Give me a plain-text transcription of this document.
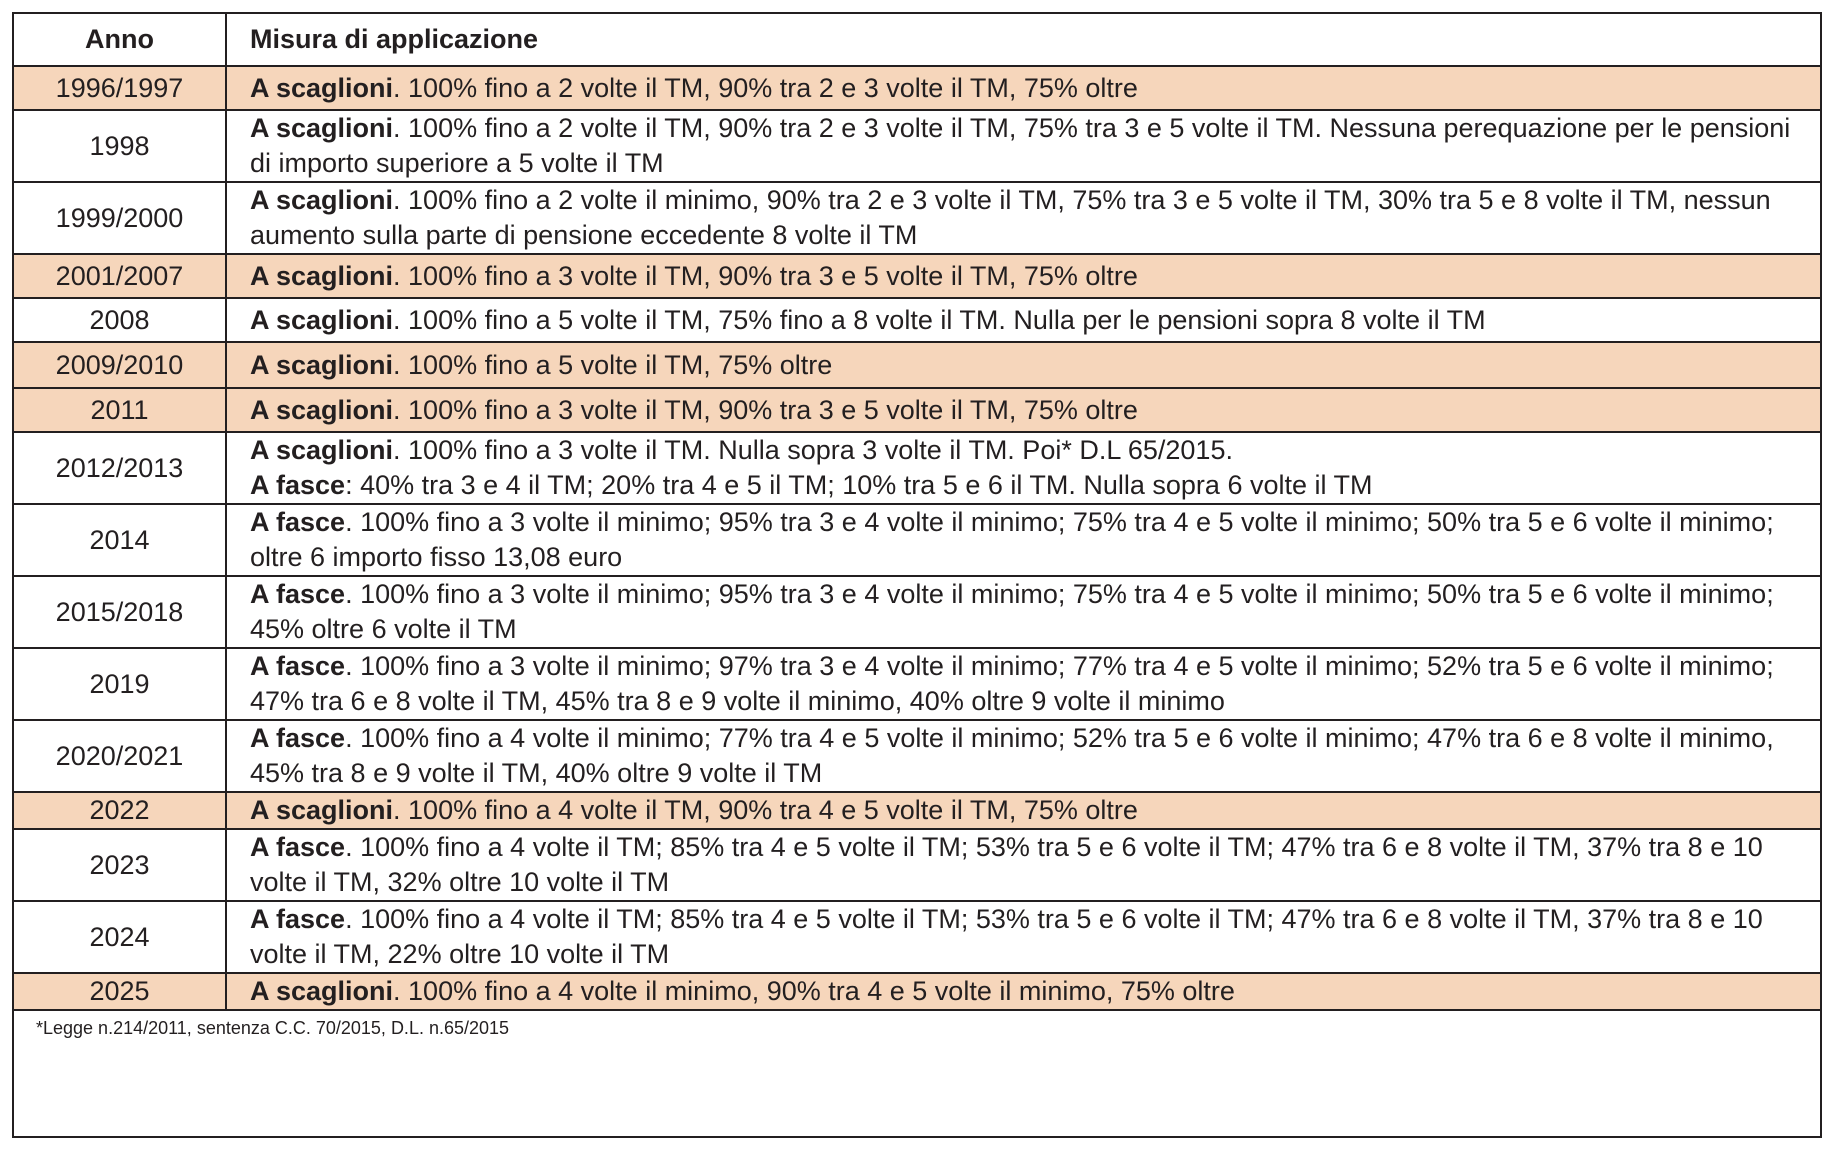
Anno	Misura di applicazione
1996/1997	A scaglioni. 100% fino a 2 volte il TM, 90% tra 2 e 3 volte il TM, 75% oltre

1998	A scaglioni. 100% fino a 2 volte il TM, 90% tra 2 e 3 volte il TM, 75% tra 3 e 5 volte il TM. Nessuna perequazione per le pensioni di importo superiore a 5 volte il TM

1999/2000	A scaglioni. 100% fino a 2 volte il minimo, 90% tra 2 e 3 volte il TM, 75% tra 3 e 5 volte il TM, 30% tra 5 e 8 volte il TM, nessun aumento sulla parte di pensione eccedente 8 volte il TM

2001/2007	A scaglioni. 100% fino a 3 volte il TM, 90% tra 3 e 5 volte il TM, 75% oltre

2008	A scaglioni. 100% fino a 5 volte il TM, 75% fino a 8 volte il TM. Nulla per le pensioni sopra 8 volte il TM

2009/2010	A scaglioni. 100% fino a 5 volte il TM, 75% oltre

2011	A scaglioni. 100% fino a 3 volte il TM, 90% tra 3 e 5 volte il TM, 75% oltre

2012/2013	A scaglioni. 100% fino a 3 volte il TM. Nulla sopra 3 volte il TM. Poi* D.L 65/2015.
A fasce: 40% tra 3 e 4 il TM; 20% tra 4 e 5 il TM; 10% tra 5 e 6 il TM. Nulla sopra 6 volte il TM

2014	A fasce. 100% fino a 3 volte il minimo; 95% tra 3 e 4 volte il minimo; 75% tra 4 e 5 volte il minimo; 50% tra 5 e 6 volte il minimo; oltre 6 importo fisso 13,08 euro

2015/2018	A fasce. 100% fino a 3 volte il minimo; 95% tra 3 e 4 volte il minimo; 75% tra 4 e 5 volte il minimo; 50% tra 5 e 6 volte il minimo; 45% oltre 6 volte il TM

2019	A fasce. 100% fino a 3 volte il minimo; 97% tra 3 e 4 volte il minimo; 77% tra 4 e 5 volte il minimo; 52% tra 5 e 6 volte il minimo; 47% tra 6 e 8 volte il TM, 45% tra 8 e 9 volte il minimo, 40% oltre 9 volte il minimo

2020/2021	A fasce. 100% fino a 4 volte il minimo; 77% tra 4 e 5 volte il minimo; 52% tra 5 e 6 volte il minimo; 47% tra 6 e 8 volte il minimo, 45% tra 8 e 9 volte il TM, 40% oltre 9 volte il TM

2022	A scaglioni. 100% fino a 4 volte il TM, 90% tra 4 e 5 volte il TM, 75% oltre

2023	A fasce. 100% fino a 4 volte il TM; 85% tra 4 e 5 volte il TM; 53% tra 5 e 6 volte il TM; 47% tra 6 e 8 volte il TM, 37% tra 8 e 10 volte il TM, 32% oltre 10 volte il TM

2024	A fasce. 100% fino a 4 volte il TM; 85% tra 4 e 5 volte il TM; 53% tra 5 e 6 volte il TM; 47% tra 6 e 8 volte il TM, 37% tra 8 e 10 volte il TM, 22% oltre 10 volte il TM

2025	A scaglioni. 100% fino a 4 volte il minimo, 90% tra 4 e 5 volte il minimo, 75% oltre
*Legge n.214/2011, sentenza C.C. 70/2015, D.L. n.65/2015
